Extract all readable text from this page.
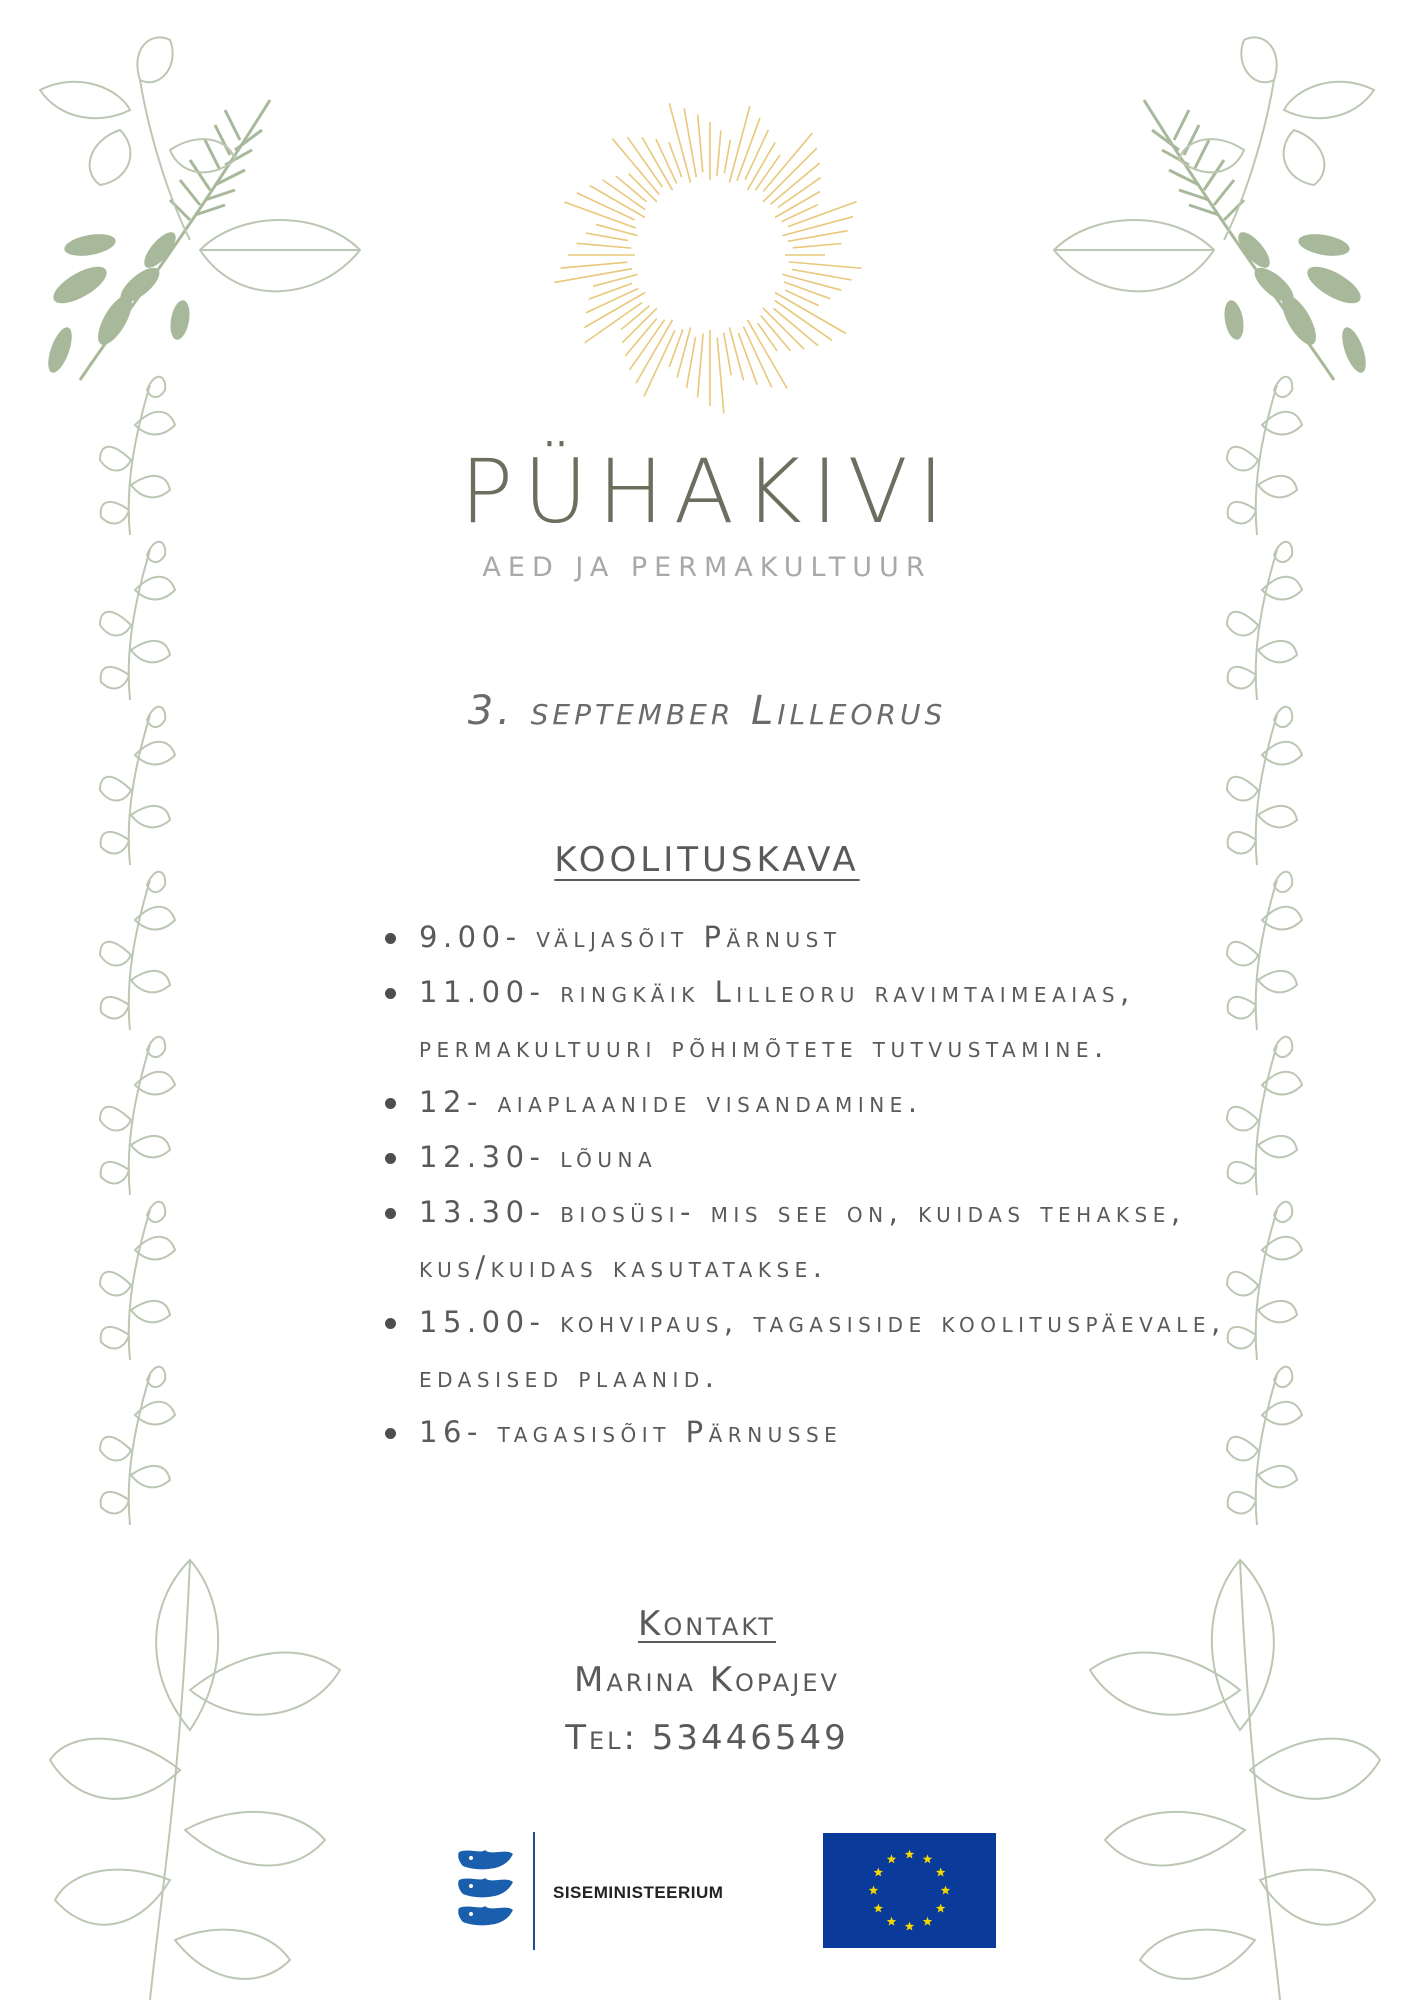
PÜHAKIVI
AED JA PERMAKULTUUR
3. september Lilleorus
KOOLITUSKAVA
9.00- väljasõit Pärnust
11.00- ringkäik Lilleoru ravimtaimeaias, permakultuuri põhimõtete tutvustamine.
12- aiaplaanide visandamine.
12.30- lõuna
13.30- biosüsi- mis see on, kuidas tehakse, kus/kuidas kasutatakse.
15.00- kohvipaus, tagasiside koolituspäevale, edasised plaanid.
16- tagasisõit Pärnusse
Kontakt
Marina Kopajev
Tel: 53446549
SISEMINISTEERIUM
